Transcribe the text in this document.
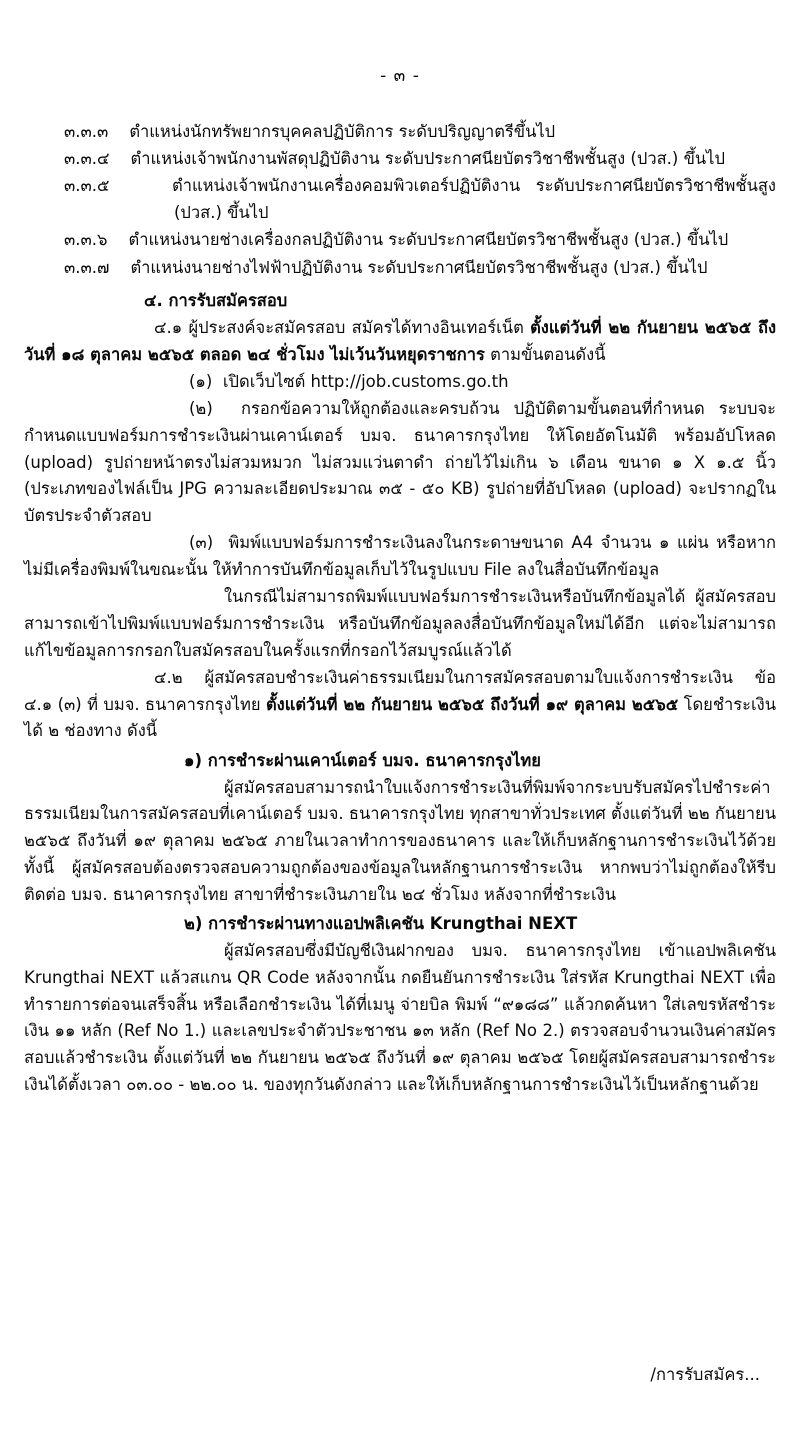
- ๓ -

๓.๓.๓ ตำแหน่งนักทรัพยากรบุคคลปฏิบัติการ ระดับปริญญาตรีขึ้นไป

๓.๓.๔ ตำแหน่งเจ้าพนักงานพัสดุปฏิบัติงาน ระดับประกาศนียบัตรวิชาชีพชั้นสูง (ปวส.) ขึ้นไป

๓.๓.๕	ตำแหน่งเจ้าพนักงานเครื่องคอมพิวเตอร์ปฏิบัติงาน ระดับประกาศนียบัตรวิชาชีพชั้นสูง (ปวส.) ขึ้นไป

๓.๓.๖ ตำแหน่งนายช่างเครื่องกลปฏิบัติงาน ระดับประกาศนียบัตรวิชาชีพชั้นสูง (ปวส.) ขึ้นไป

๓.๓.๗ ตำแหน่งนายช่างไฟฟ้าปฏิบัติงาน ระดับประกาศนียบัตรวิชาชีพชั้นสูง (ปวส.) ขึ้นไป

๔. การรับสมัครสอบ

๔.๑ ผู้ประสงค์จะสมัครสอบ สมัครได้ทางอินเทอร์เน็ต ตั้งแต่วันที่ ๒๒ กันยายน ๒๕๖๕ ถึงวันที่ ๑๘ ตุลาคม ๒๕๖๕ ตลอด ๒๔ ชั่วโมง ไม่เว้นวันหยุดราชการ ตามขั้นตอนดังนี้

(๑) เปิดเว็บไซต์ http://job.customs.go.th

(๒) กรอกข้อความให้ถูกต้องและครบถ้วน ปฏิบัติตามขั้นตอนที่กำหนด ระบบจะกำหนดแบบฟอร์มการชำระเงินผ่านเคาน์เตอร์ บมจ. ธนาคารกรุงไทย ให้โดยอัตโนมัติ พร้อมอัปโหลด (upload) รูปถ่ายหน้าตรงไม่สวมหมวก ไม่สวมแว่นตาดำ ถ่ายไว้ไม่เกิน ๖ เดือน ขนาด ๑ X ๑.๕ นิ้ว (ประเภทของไฟล์เป็น JPG ความละเอียดประมาณ ๓๕ - ๕๐ KB) รูปถ่ายที่อัปโหลด (upload) จะปรากฏในบัตรประจำตัวสอบ

(๓) พิมพ์แบบฟอร์มการชำระเงินลงในกระดาษขนาด A4 จำนวน ๑ แผ่น หรือหากไม่มีเครื่องพิมพ์ในขณะนั้น ให้ทำการบันทึกข้อมูลเก็บไว้ในรูปแบบ File ลงในสื่อบันทึกข้อมูล

ในกรณีไม่สามารถพิมพ์แบบฟอร์มการชำระเงินหรือบันทึกข้อมูลได้ ผู้สมัครสอบสามารถเข้าไปพิมพ์แบบฟอร์มการชำระเงิน หรือบันทึกข้อมูลลงสื่อบันทึกข้อมูลใหม่ได้อีก แต่จะไม่สามารถแก้ไขข้อมูลการกรอกใบสมัครสอบในครั้งแรกที่กรอกไว้สมบูรณ์แล้วได้

๔.๒ ผู้สมัครสอบชำระเงินค่าธรรมเนียมในการสมัครสอบตามใบแจ้งการชำระเงิน ข้อ ๔.๑ (๓) ที่ บมจ. ธนาคารกรุงไทย ตั้งแต่วันที่ ๒๒ กันยายน ๒๕๖๕ ถึงวันที่ ๑๙ ตุลาคม ๒๕๖๕ โดยชำระเงินได้ ๒ ช่องทาง ดังนี้

๑) การชำระผ่านเคาน์เตอร์ บมจ. ธนาคารกรุงไทย

ผู้สมัครสอบสามารถนำใบแจ้งการชำระเงินที่พิมพ์จากระบบรับสมัครไปชำระค่าธรรมเนียมในการสมัครสอบที่เคาน์เตอร์ บมจ. ธนาคารกรุงไทย ทุกสาขาทั่วประเทศ ตั้งแต่วันที่ ๒๒ กันยายน ๒๕๖๕ ถึงวันที่ ๑๙ ตุลาคม ๒๕๖๕ ภายในเวลาทำการของธนาคาร และให้เก็บหลักฐานการชำระเงินไว้ด้วย ทั้งนี้ ผู้สมัครสอบต้องตรวจสอบความถูกต้องของข้อมูลในหลักฐานการชำระเงิน หากพบว่าไม่ถูกต้องให้รีบติดต่อ บมจ. ธนาคารกรุงไทย สาขาที่ชำระเงินภายใน ๒๔ ชั่วโมง หลังจากที่ชำระเงิน

๒) การชำระผ่านทางแอปพลิเคชัน Krungthai NEXT

ผู้สมัครสอบซึ่งมีบัญชีเงินฝากของ บมจ. ธนาคารกรุงไทย เข้าแอปพลิเคชัน Krungthai NEXT แล้วสแกน QR Code หลังจากนั้น กดยืนยันการชำระเงิน ใส่รหัส Krungthai NEXT เพื่อทำรายการต่อจนเสร็จสิ้น หรือเลือกชำระเงิน ได้ที่เมนู จ่ายบิล พิมพ์ “๙๑๘๘” แล้วกดค้นหา ใส่เลขรหัสชำระเงิน ๑๑ หลัก (Ref No 1.) และเลขประจำตัวประชาชน ๑๓ หลัก (Ref No 2.) ตรวจสอบจำนวนเงินค่าสมัครสอบแล้วชำระเงิน ตั้งแต่วันที่ ๒๒ กันยายน ๒๕๖๕ ถึงวันที่ ๑๙ ตุลาคม ๒๕๖๕ โดยผู้สมัครสอบสามารถชำระเงินได้ตั้งเวลา ๐๓.๐๐ - ๒๒.๐๐ น. ของทุกวันดังกล่าว และให้เก็บหลักฐานการชำระเงินไว้เป็นหลักฐานด้วย

/การรับสมัคร...
